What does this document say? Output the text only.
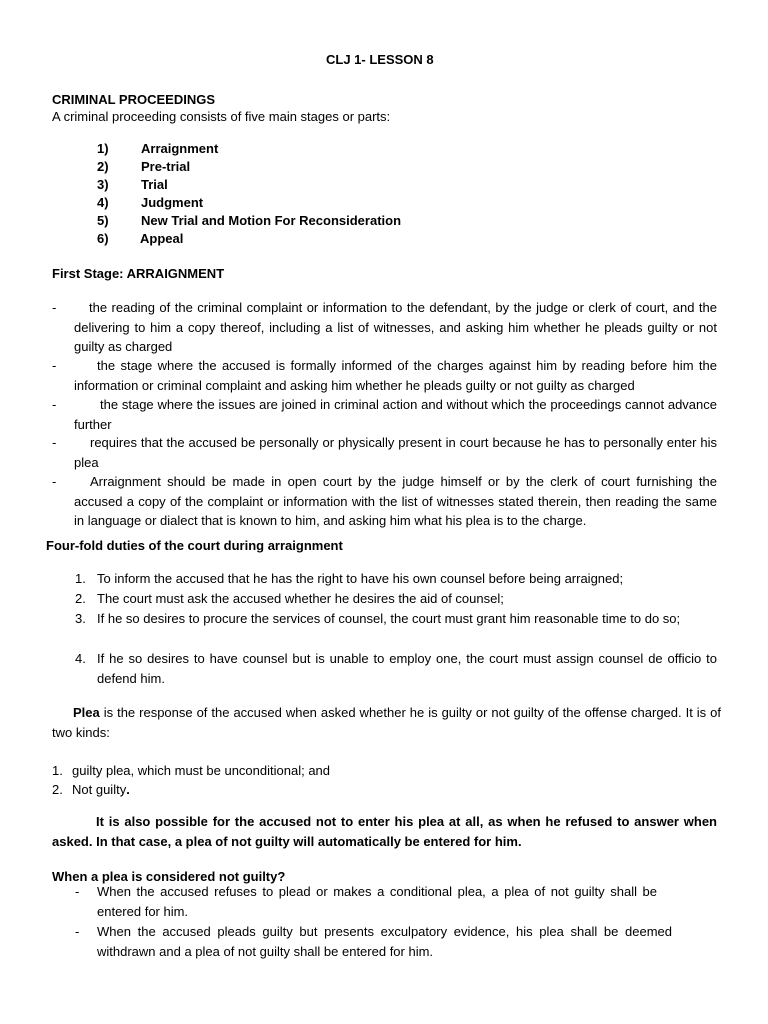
CLJ 1- LESSON 8
CRIMINAL PROCEEDINGS
A criminal proceeding consists of five main stages or parts:
1) Arraignment
2) Pre-trial
3) Trial
4) Judgment
5) New Trial and Motion For Reconsideration
6) Appeal
First Stage: ARRAIGNMENT
-	the reading of the criminal complaint or information to the defendant, by the judge or clerk of court, and the delivering to him a copy thereof, including a list of witnesses, and asking him whether he pleads guilty or not guilty as charged
-	the stage where the accused is formally informed of the charges against him by reading before him the information or criminal complaint and asking him whether he pleads guilty or not guilty as charged
-	the stage where the issues are joined in criminal action and without which the proceedings cannot advance further
-	requires that the accused be personally or physically present in court because he has to personally enter his plea
-	Arraignment should be made in open court by the judge himself or by the clerk of court furnishing the accused a copy of the complaint or information with the list of witnesses stated therein, then reading the same in language or dialect that is known to him, and asking him what his plea is to the charge.
Four-fold duties of the court during arraignment
1. To inform the accused that he has the right to have his own counsel before being arraigned;
2. The court must ask the accused whether he desires the aid of counsel;
3. If he so desires to procure the services of counsel, the court must grant him reasonable time to do so;
4. If he so desires to have counsel but is unable to employ one, the court must assign counsel de officio to defend him.
Plea is the response of the accused when asked whether he is guilty or not guilty of the offense charged. It is of two kinds:
1. guilty plea, which must be unconditional; and
2. Not guilty.
It is also possible for the accused not to enter his plea at all, as when he refused to answer when asked. In that case, a plea of not guilty will automatically be entered for him.
When a plea is considered not guilty?
- When the accused refuses to plead or makes a conditional plea, a plea of not guilty shall be entered for him.
- When the accused pleads guilty but presents exculpatory evidence, his plea shall be deemed withdrawn and a plea of not guilty shall be entered for him.
